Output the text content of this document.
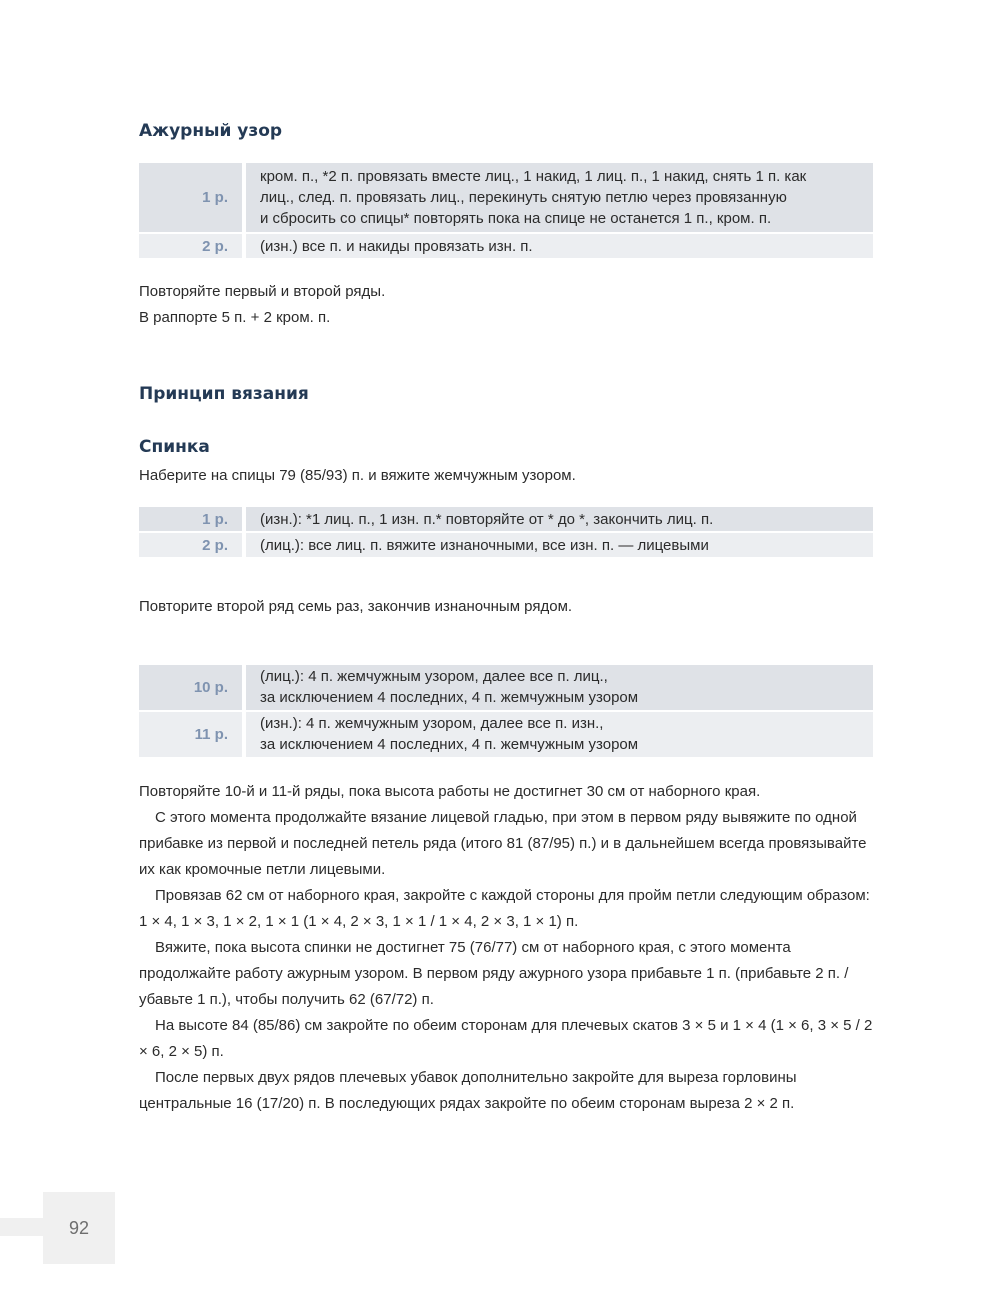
Ажурный узор
1 р.		кром. п., *2 п. провязать вместе лиц., 1 накид, 1 лиц. п., 1 накид, снять 1 п. как
лиц., след. п. провязать лиц., перекинуть снятую петлю через провязанную
и сбросить со спицы* повторять пока на спице не останется 1 п., кром. п.

2 р.		(изн.) все п. и накиды провязать изн. п.

Повторяйте первый и второй ряды.

В раппорте 5 п. + 2 кром. п.

Принцип вязания
Спинка

Наберите на спицы 79 (85/93) п. и вяжите жемчужным узором.

1 р.		(изн.): *1 лиц. п., 1 изн. п.* повторяйте от * до *, закончить лиц. п.
2 р.		(лиц.): все лиц. п. вяжите изнаночными, все изн. п. — лицевыми

Повторите второй ряд семь раз, закончив изнаночным рядом.

10 р.		(лиц.): 4 п. жемчужным узором, далее все п. лиц.,
за исключением 4 последних, 4 п. жемчужным узором

11 р.		(изн.): 4 п. жемчужным узором, далее все п. изн.,
за исключением 4 последних, 4 п. жемчужным узором

Повторяйте 10-й и 11-й ряды, пока высота работы не достигнет 30 см от наборного края.

С этого момента продолжайте вязание лицевой гладью, при этом в первом ряду вывяжите по одной прибавке из первой и последней петель ряда (итого 81 (87/95) п.) и в дальнейшем всегда провязывайте их как кромочные петли лицевыми.

Провязав 62 см от наборного края, закройте с каждой стороны для пройм петли следующим образом: 1 × 4, 1 × 3, 1 × 2, 1 × 1 (1 × 4, 2 × 3, 1 × 1 / 1 × 4, 2 × 3, 1 × 1) п.

Вяжите, пока высота спинки не достигнет 75 (76/77) см от наборного края, с этого момента продолжайте работу ажурным узором. В первом ряду ажурного узора прибавьте 1 п. (прибавьте 2 п. / убавьте 1 п.), чтобы получить 62 (67/72) п.

На высоте 84 (85/86) см закройте по обеим сторонам для плечевых скатов 3 × 5 и 1 × 4 (1 × 6, 3 × 5 / 2 × 6, 2 × 5) п.

После первых двух рядов плечевых убавок дополнительно закройте для выреза горловины центральные 16 (17/20) п. В последующих рядах закройте по обеим сторонам выреза 2 × 2 п.

92
